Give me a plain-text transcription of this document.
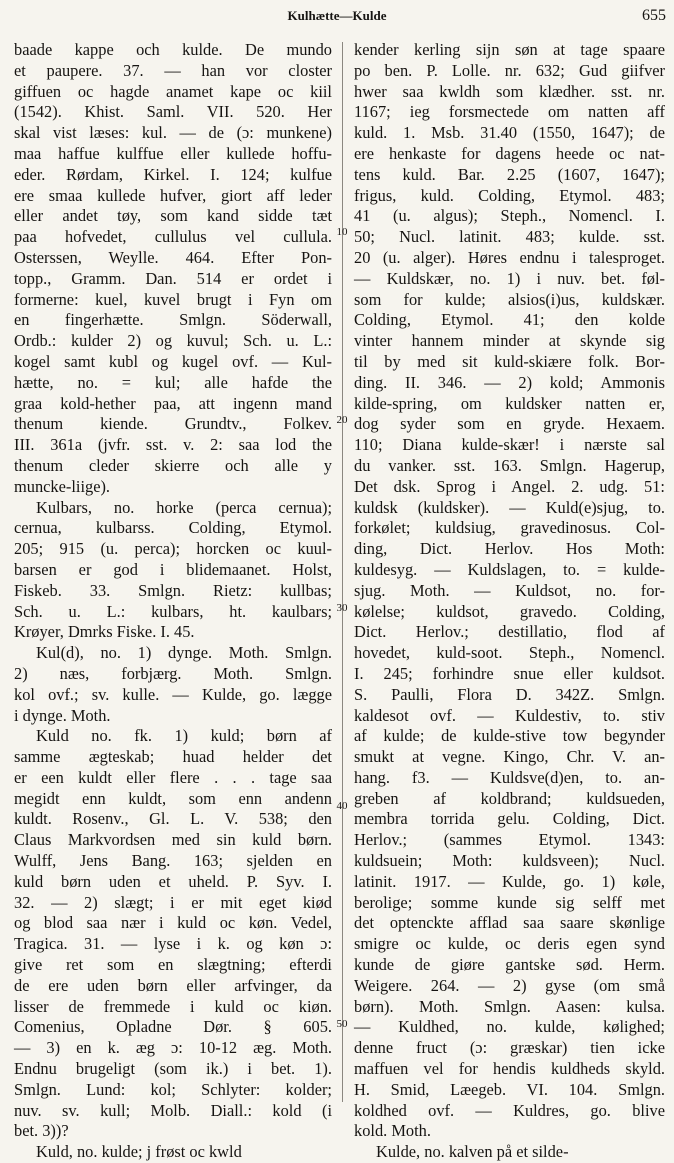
Kulhætte—Kulde	655
10
20
30
40
50
baade kappe och kulde. De mundo
et paupere. 37. — han vor closter
giffuen oc hagde anamet kape oc kiil
(1542). Khist. Saml. VII. 520. Her
skal vist læses: kul. — de (ɔ: munkene)
maa haffue kulffue eller kullede hoffu-
eder. Rørdam, Kirkel. I. 124; kulfue
ere smaa kullede hufver, giort aff leder
eller andet tøy, som kand sidde tæt
paa hofvedet, cullulus vel cullula.
Osterssen, Weylle. 464. Efter Pon-
topp., Gramm. Dan. 514 er ordet i
formerne: kuel, kuvel brugt i Fyn om
en fingerhætte. Smlgn. Söderwall,
Ordb.: kulder 2) og kuvul; Sch. u. L.:
kogel samt kubl og kugel ovf. — Kul-
hætte, no. = kul; alle hafde the
graa kold-hether paa, att ingenn mand
thenum kiende. Grundtv., Folkev.
III. 361a (jvfr. sst. v. 2: saa lod the
thenum cleder skierre och alle y
muncke-liige).
Kulbars, no. horke (perca cernua);
cernua, kulbarss. Colding, Etymol.
205; 915 (u. perca); horcken oc kuul-
barsen er god i blidemaanet. Holst,
Fiskeb. 33. Smlgn. Rietz: kullbas;
Sch. u. L.: kulbars, ht. kaulbars;
Krøyer, Dmrks Fiske. I. 45.
Kul(d), no. 1) dynge. Moth. Smlgn.
2) næs, forbjærg. Moth. Smlgn.
kol ovf.; sv. kulle. — Kulde, go. lægge
i dynge. Moth.
Kuld no. fk. 1) kuld; børn af
samme ægteskab; huad helder det
er een kuldt eller flere . . . tage saa
megidt enn kuldt, som enn andenn
kuldt. Rosenv., Gl. L. V. 538; den
Claus Markvordsen med sin kuld børn.
Wulff, Jens Bang. 163; sjelden en
kuld børn uden et uheld. P. Syv. I.
32. — 2) slægt; i er mit eget kiød
og blod saa nær i kuld oc køn. Vedel,
Tragica. 31. — lyse i k. og køn ɔ:
give ret som en slægtning; efterdi
de ere uden børn eller arfvinger, da
lisser de fremmede i kuld oc kiøn.
Comenius, Opladne Dør. § 605.
— 3) en k. æg ɔ: 10-12 æg. Moth.
Endnu brugeligt (som ik.) i bet. 1).
Smlgn. Lund: kol; Schlyter: kolder;
nuv. sv. kull; Molb. Diall.: kold (i
bet. 3))?
Kuld, no. kulde; j frøst oc kwld
kender kerling sijn søn at tage spaare
po ben. P. Lolle. nr. 632; Gud giifver
hwer saa kwldh som klædher. sst. nr.
1167; ieg forsmectede om natten aff
kuld. 1. Msb. 31.40 (1550, 1647); de
ere henkaste for dagens heede oc nat-
tens kuld. Bar. 2.25 (1607, 1647);
frigus, kuld. Colding, Etymol. 483;
41 (u. algus); Steph., Nomencl. I.
50; Nucl. latinit. 483; kulde. sst.
20 (u. alger). Høres endnu i talesproget.
— Kuldskær, no. 1) i nuv. bet. føl-
som for kulde; alsios(i)us, kuldskær.
Colding, Etymol. 41; den kolde
vinter hannem minder at skynde sig
til by med sit kuld-skiære folk. Bor-
ding. II. 346. — 2) kold; Ammonis
kilde-spring, om kuldsker natten er,
dog syder som en gryde. Hexaem.
110; Diana kulde-skær! i nærste sal
du vanker. sst. 163. Smlgn. Hagerup,
Det dsk. Sprog i Angel. 2. udg. 51:
kuldsk (kuldsker). — Kuld(e)sjug, to.
forkølet; kuldsiug, gravedinosus. Col-
ding, Dict. Herlov. Hos Moth:
kuldesyg. — Kuldslagen, to. = kulde-
sjug. Moth. — Kuldsot, no. for-
kølelse; kuldsot, gravedo. Colding,
Dict. Herlov.; destillatio, flod af
hovedet, kuld-soot. Steph., Nomencl.
I. 245; forhindre snue eller kuldsot.
S. Paulli, Flora D. 342Z. Smlgn.
kaldesot ovf. — Kuldestiv, to. stiv
af kulde; de kulde-stive tow begynder
smukt at vegne. Kingo, Chr. V. an-
hang. f3. — Kuldsve(d)en, to. an-
greben af koldbrand; kuldsueden,
membra torrida gelu. Colding, Dict.
Herlov.; (sammes Etymol. 1343:
kuldsuein; Moth: kuldsveen); Nucl.
latinit. 1917. — Kulde, go. 1) køle,
berolige; somme kunde sig selff met
det optenckte afflad saa saare skønlige
smigre oc kulde, oc deris egen synd
kunde de giøre gantske sød. Herm.
Weigere. 264. — 2) gyse (om små
børn). Moth. Smlgn. Aasen: kulsa.
— Kuldhed, no. kulde, kølighed;
denne fruct (ɔ: græskar) tien icke
maffuen vel for hendis kuldheds skyld.
H. Smid, Læegeb. VI. 104. Smlgn.
koldhed ovf. — Kuldres, go. blive
kold. Moth.
Kulde, no. kalven på et silde-
